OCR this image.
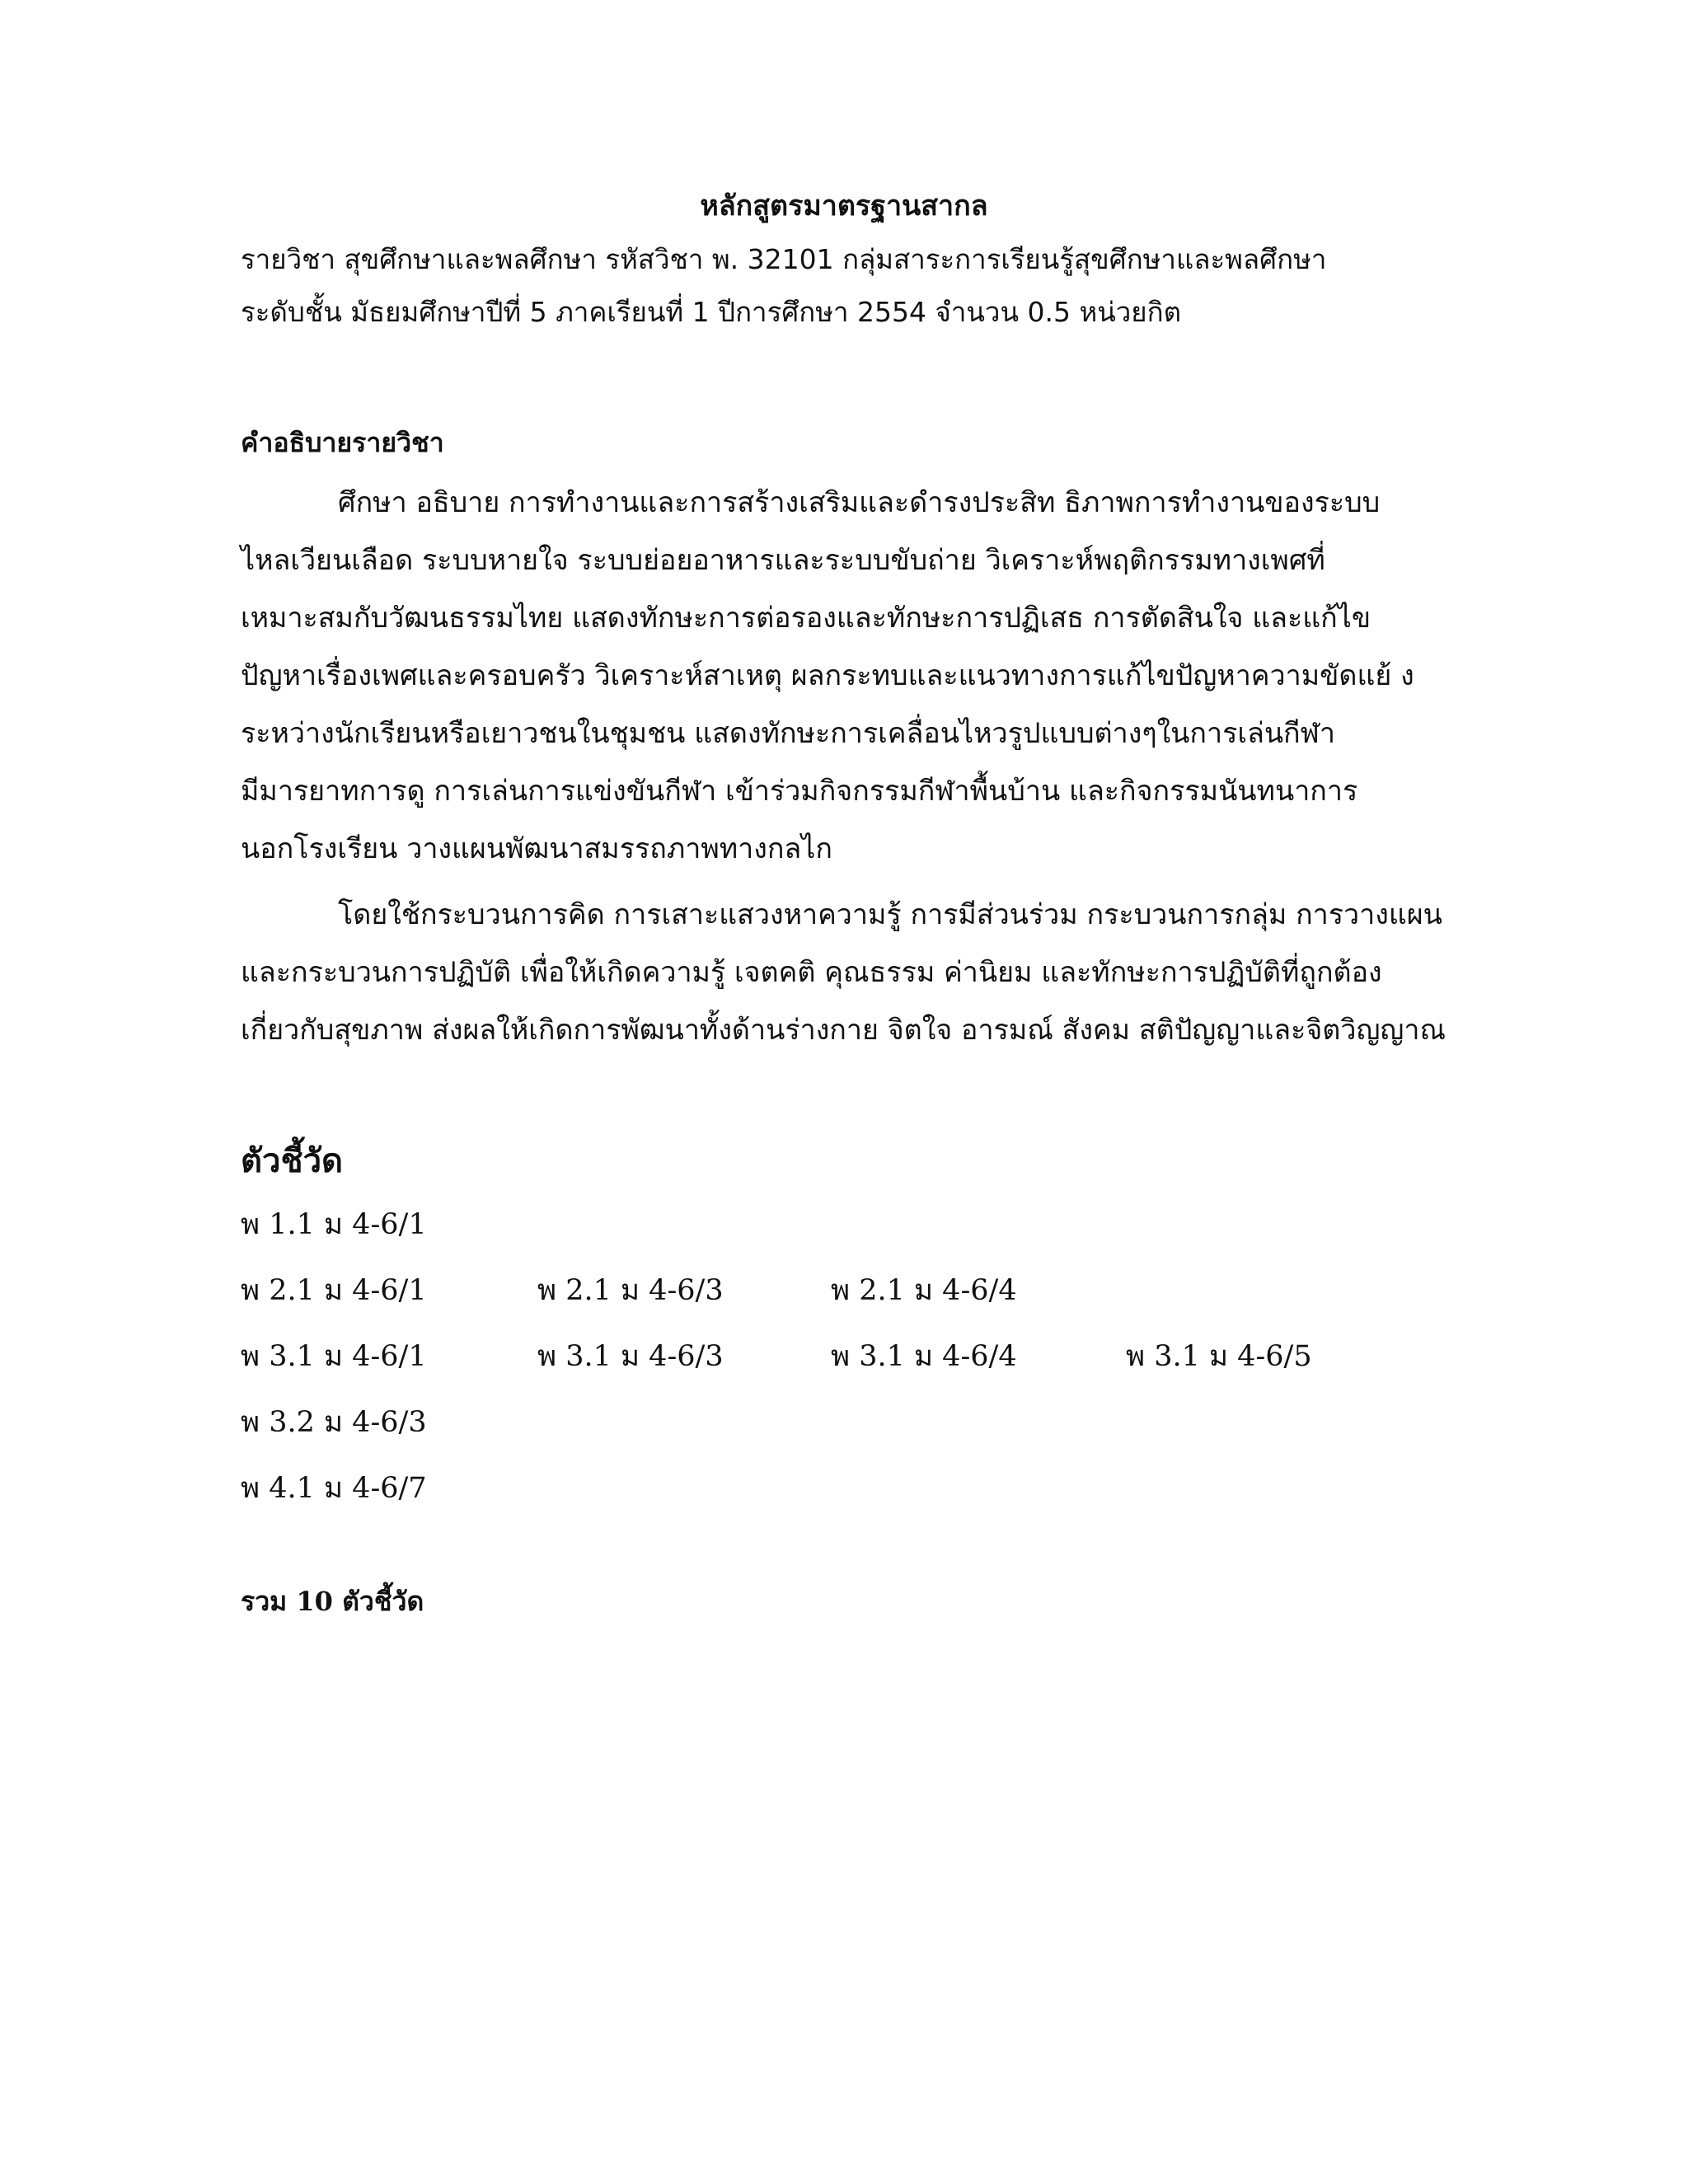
หลักสูตรมาตรฐานสากล
รายวิชา สุขศึกษาและพลศึกษา รหัสวิชา พ. 32101 กลุ่มสาระการเรียนรู้สุขศึกษาและพลศึกษา
ระดับชั้น มัธยมศึกษาปีที่ 5 ภาคเรียนที่ 1 ปีการศึกษา 2554 จำนวน 0.5 หน่วยกิต
คำอธิบายรายวิชา
ศึกษา อธิบาย การทำงานและการสร้างเสริมและดำรงประสิท ธิภาพการทำงานของระบบ
ไหลเวียนเลือด ระบบหายใจ ระบบย่อยอาหารและระบบขับถ่าย วิเคราะห์พฤติกรรมทางเพศที่
เหมาะสมกับวัฒนธรรมไทย แสดงทักษะการต่อรองและทักษะการปฏิเสธ การตัดสินใจ และแก้ไข
ปัญหาเรื่องเพศและครอบครัว วิเคราะห์สาเหตุ ผลกระทบและแนวทางการแก้ไขปัญหาความขัดแย้ ง
ระหว่างนักเรียนหรือเยาวชนในชุมชน แสดงทักษะการเคลื่อนไหวรูปแบบต่างๆในการเล่นกีฬา
มีมารยาทการดู การเล่นการแข่งขันกีฬา เข้าร่วมกิจกรรมกีฬาพื้นบ้าน และกิจกรรมนันทนาการ
นอกโรงเรียน วางแผนพัฒนาสมรรถภาพทางกลไก
โดยใช้กระบวนการคิด การเสาะแสวงหาความรู้ การมีส่วนร่วม กระบวนการกลุ่ม การวางแผน
และกระบวนการปฏิบัติ เพื่อให้เกิดความรู้ เจตคติ คุณธรรม ค่านิยม และทักษะการปฏิบัติที่ถูกต้อง
เกี่ยวกับสุขภาพ ส่งผลให้เกิดการพัฒนาทั้งด้านร่างกาย จิตใจ อารมณ์ สังคม สติปัญญาและจิตวิญญาณ
ตัวชี้วัด
พ 1.1 ม 4-6/1
พ 2.1 ม 4-6/1	พ 2.1 ม 4-6/3	พ 2.1 ม 4-6/4
พ 3.1 ม 4-6/1	พ 3.1 ม 4-6/3	พ 3.1 ม 4-6/4	พ 3.1 ม 4-6/5
พ 3.2 ม 4-6/3
พ 4.1 ม 4-6/7
รวม 10 ตัวชี้วัด
